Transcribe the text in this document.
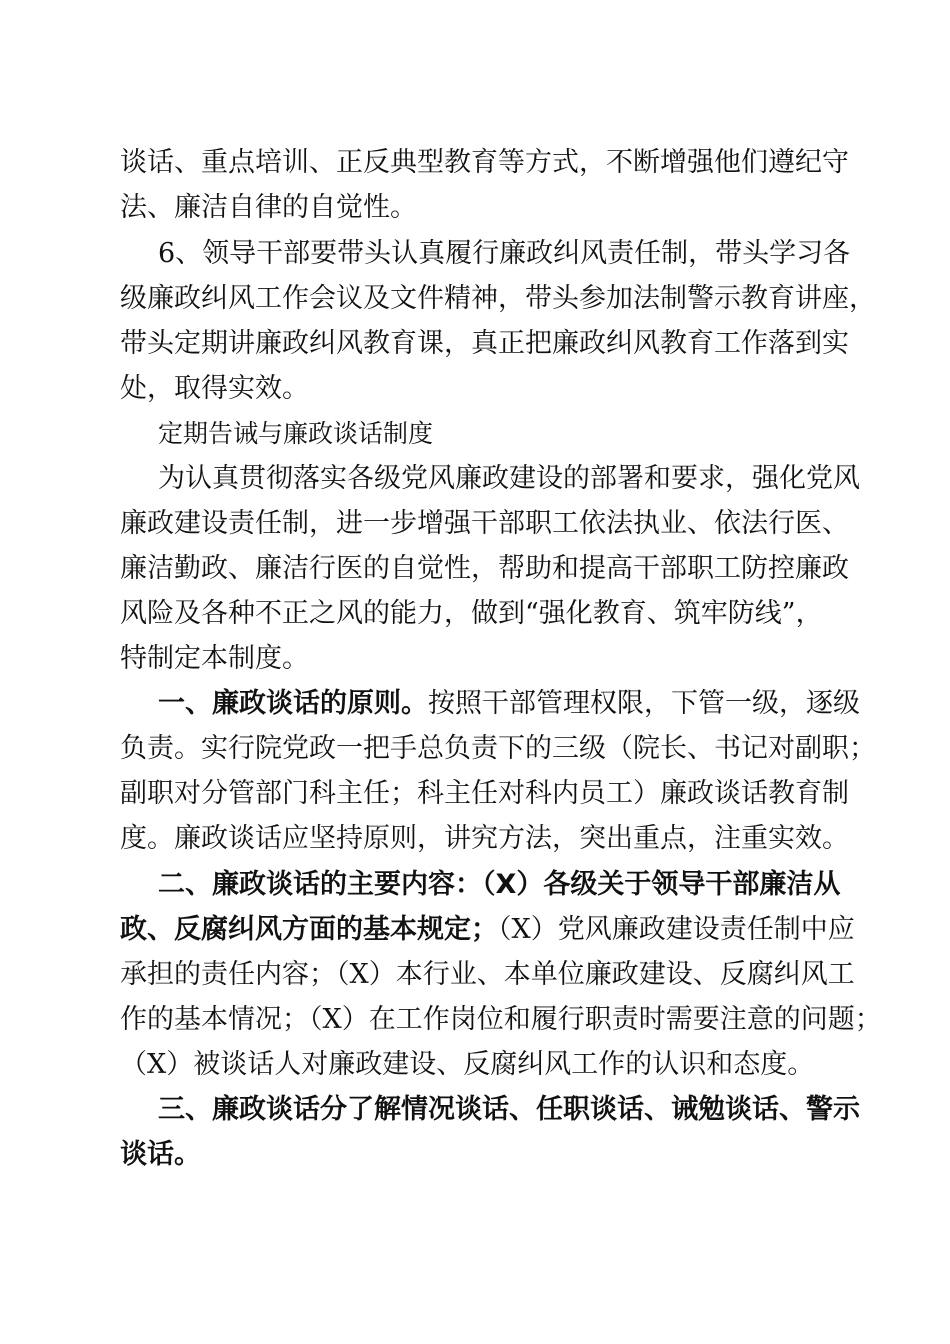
谈话、重点培训、正反典型教育等方式，不断增强他们遵纪守
法、廉洁自律的自觉性。
6、领导干部要带头认真履行廉政纠风责任制，带头学习各
级廉政纠风工作会议及文件精神，带头参加法制警示教育讲座，
带头定期讲廉政纠风教育课，真正把廉政纠风教育工作落到实
处，取得实效。
定期告诫与廉政谈话制度
为认真贯彻落实各级党风廉政建设的部署和要求，强化党风
廉政建设责任制，进一步增强干部职工依法执业、依法行医、
廉洁勤政、廉洁行医的自觉性，帮助和提高干部职工防控廉政
风险及各种不正之风的能力，做到“强化教育、筑牢防线”，
特制定本制度。
一、廉政谈话的原则。按照干部管理权限，下管一级，逐级
负责。实行院党政一把手总负责下的三级（院长、书记对副职；
副职对分管部门科主任；科主任对科内员工）廉政谈话教育制
度。廉政谈话应坚持原则，讲究方法，突出重点，注重实效。
二、廉政谈话的主要内容：（X）各级关于领导干部廉洁从
政、反腐纠风方面的基本规定；（X）党风廉政建设责任制中应
承担的责任内容；（X）本行业、本单位廉政建设、反腐纠风工
作的基本情况；（X）在工作岗位和履行职责时需要注意的问题；
（X）被谈话人对廉政建设、反腐纠风工作的认识和态度。
三、廉政谈话分了解情况谈话、任职谈话、诫勉谈话、警示
谈话。
